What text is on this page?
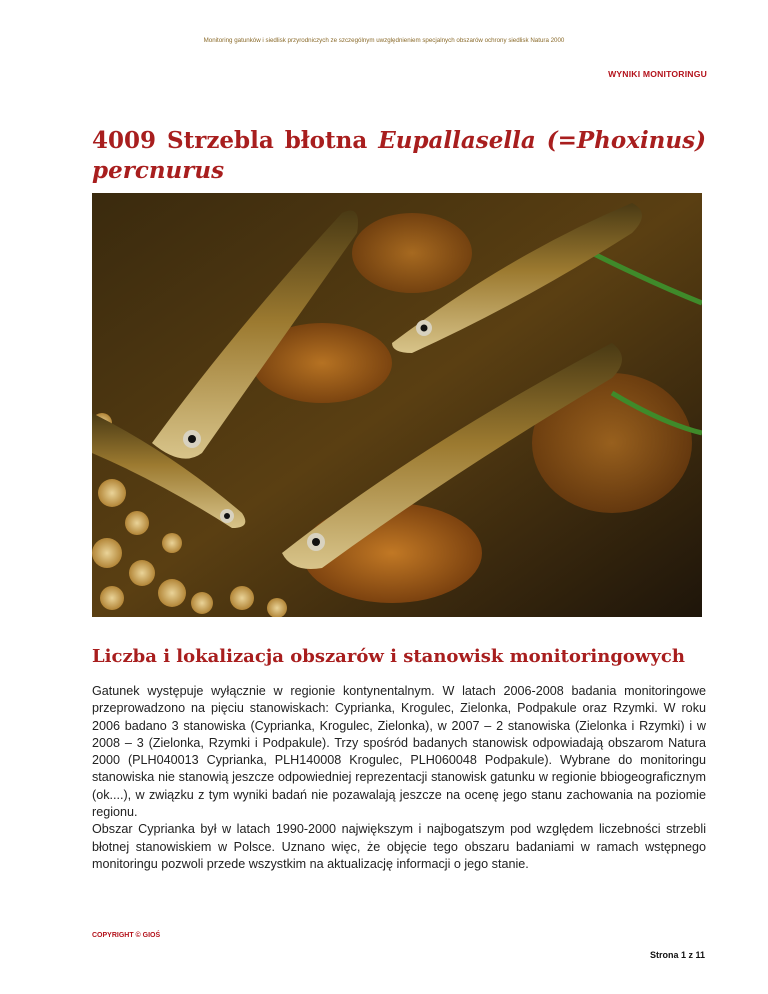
Monitoring gatunków i siedlisk przyrodniczych ze szczególnym uwzględnieniem specjalnych obszarów ochrony siedlisk Natura 2000
WYNIKI MONITORINGU
4009 Strzebla błotna Eupallasella (=Phoxinus)
percnurus
Liczba i lokalizacja obszarów i stanowisk monitoringowych

Gatunek występuje wyłącznie w regionie kontynentalnym. W latach 2006-2008 badania monitoringowe przeprowadzono na pięciu stanowiskach: Cyprianka, Krogulec, Zielonka, Podpakule oraz Rzymki. W roku 2006 badano 3 stanowiska (Cyprianka, Krogulec, Zielonka), w 2007 – 2 stanowiska (Zielonka i Rzymki) i w 2008 – 3 (Zielonka, Rzymki i Podpakule). Trzy spośród badanych stanowisk odpowiadają obszarom Natura 2000 (PLH040013 Cyprianka, PLH140008 Krogulec, PLH060048 Podpakule). Wybrane do monitoringu stanowiska nie stanowią jeszcze odpowiedniej reprezentacji stanowisk gatunku w regionie bbiogeograficznym (ok....), w związku z tym wyniki badań nie pozawalają jeszcze na ocenę jego stanu zachowania na poziomie regionu.

Obszar Cyprianka był w latach 1990-2000 największym i najbogatszym pod względem liczebności strzebli błotnej stanowiskiem w Polsce. Uznano więc, że objęcie tego obszaru badaniami w ramach wstępnego monitoringu pozwoli przede wszystkim na aktualizację informacji o jego stanie.

COPYRIGHT © GIOŚ
Strona 1 z 11
